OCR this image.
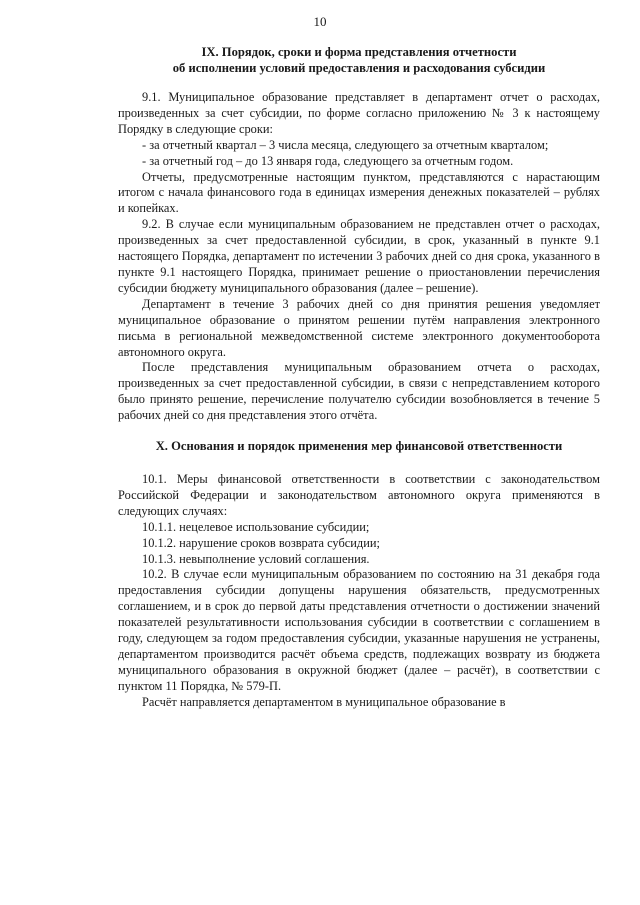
10
IX. Порядок, сроки и форма представления отчетности
об исполнении условий предоставления и расходования субсидии

9.1. Муниципальное образование представляет в департамент отчет о расходах, произведенных за счет субсидии, по форме согласно приложению № 3 к настоящему Порядку в следующие сроки:

- за отчетный квартал – 3 числа месяца, следующего за отчетным кварталом;

- за отчетный год – до 13 января года, следующего за отчетным годом.

Отчеты, предусмотренные настоящим пунктом, представляются с нарастающим итогом с начала финансового года в единицах измерения денежных показателей – рублях и копейках.

9.2. В случае если муниципальным образованием не представлен отчет о расходах, произведенных за счет предоставленной субсидии, в срок, указанный в пункте 9.1 настоящего Порядка, департамент по истечении 3 рабочих дней со дня срока, указанного в пункте 9.1 настоящего Порядка, принимает решение о приостановлении перечисления субсидии бюджету муниципального образования (далее – решение).

Департамент в течение 3 рабочих дней со дня принятия решения уведомляет муниципальное образование о принятом решении путём направления электронного письма в региональной межведомственной системе электронного документооборота автономного округа.

После представления муниципальным образованием отчета о расходах, произведенных за счет предоставленной субсидии, в связи с непредставлением которого было принято решение, перечисление получателю субсидии возобновляется в течение 5 рабочих дней со дня представления этого отчёта.

X. Основания и порядок применения мер финансовой ответственности

10.1. Меры финансовой ответственности в соответствии с законодательством Российской Федерации и законодательством автономного округа применяются в следующих случаях:

10.1.1. нецелевое использование субсидии;

10.1.2. нарушение сроков возврата субсидии;

10.1.3. невыполнение условий соглашения.

10.2. В случае если муниципальным образованием по состоянию на 31 декабря года предоставления субсидии допущены нарушения обязательств, предусмотренных соглашением, и в срок до первой даты представления отчетности о достижении значений показателей результативности использования субсидии в соответствии с соглашением в году, следующем за годом предоставления субсидии, указанные нарушения не устранены, департаментом производится расчёт объема средств, подлежащих возврату из бюджета муниципального образования в окружной бюджет (далее – расчёт), в соответствии с пунктом 11 Порядка, № 579-П.

Расчёт направляется департаментом в муниципальное образование в
